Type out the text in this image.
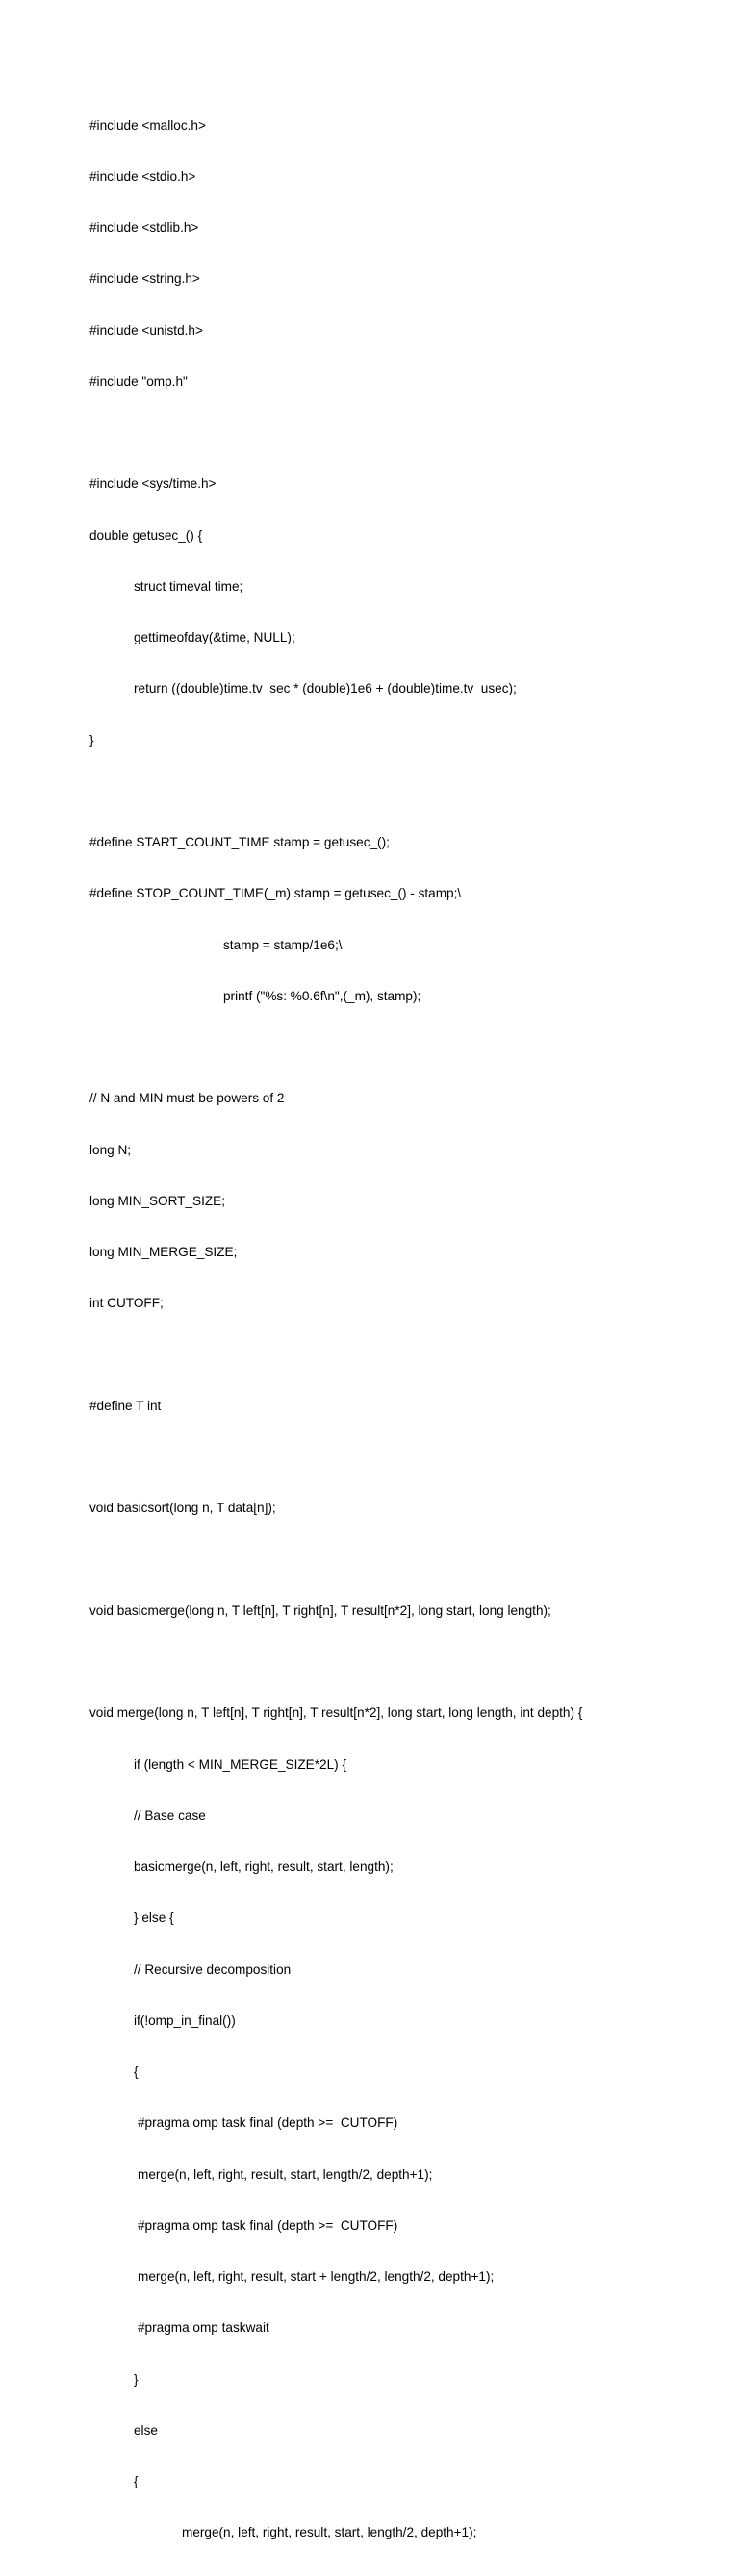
#include <malloc.h>

#include <stdio.h>

#include <stdlib.h>

#include <string.h>

#include <unistd.h>

#include "omp.h"

#include <sys/time.h>

double getusec_() {

struct timeval time;

gettimeofday(&time, NULL);

return ((double)time.tv_sec * (double)1e6 + (double)time.tv_usec);

}

#define START_COUNT_TIME stamp = getusec_();

#define STOP_COUNT_TIME(_m) stamp = getusec_() - stamp;\

stamp = stamp/1e6;\

printf ("%s: %0.6f\n",(_m), stamp);

// N and MIN must be powers of 2

long N;

long MIN_SORT_SIZE;

long MIN_MERGE_SIZE;

int CUTOFF;

#define T int

void basicsort(long n, T data[n]);

void basicmerge(long n, T left[n], T right[n], T result[n*2], long start, long length);

void merge(long n, T left[n], T right[n], T result[n*2], long start, long length, int depth) {

if (length < MIN_MERGE_SIZE*2L) {

// Base case

basicmerge(n, left, right, result, start, length);

} else {

// Recursive decomposition

if(!omp_in_final())

{

#pragma omp task final (depth >=  CUTOFF)

merge(n, left, right, result, start, length/2, depth+1);

#pragma omp task final (depth >=  CUTOFF)

merge(n, left, right, result, start + length/2, length/2, depth+1);

#pragma omp taskwait

}

else

{

merge(n, left, right, result, start, length/2, depth+1);
